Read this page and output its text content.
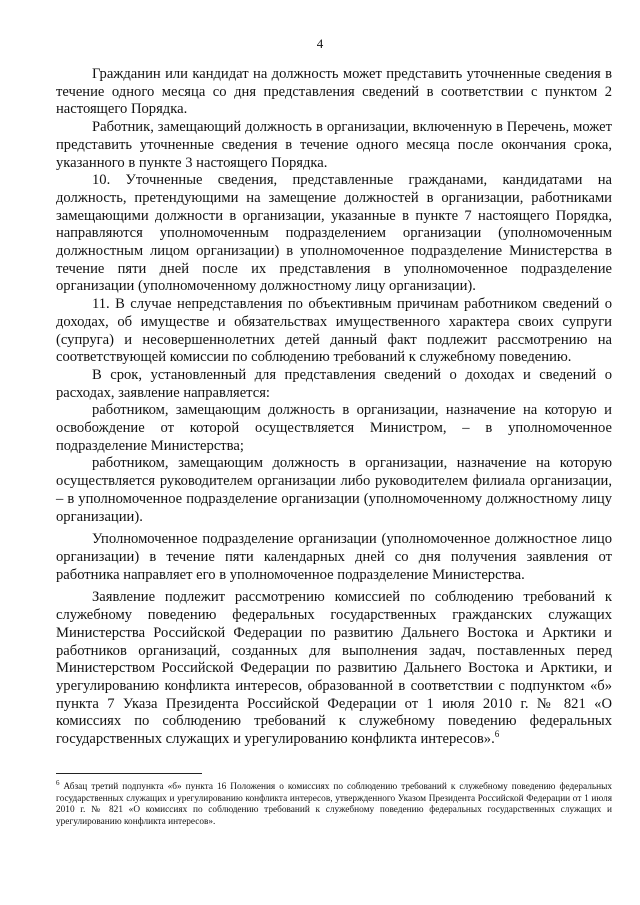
4

Гражданин или кандидат на должность может представить уточненные сведения в течение одного месяца со дня представления сведений в соответствии с пунктом 2 настоящего Порядка.

Работник, замещающий должность в организации, включенную в Перечень, может представить уточненные сведения в течение одного месяца после окончания срока, указанного в пункте 3 настоящего Порядка.

10. Уточненные сведения, представленные гражданами, кандидатами на должность, претендующими на замещение должностей в организации, работниками замещающими должности в организации, указанные в пункте 7 настоящего Порядка, направляются уполномоченным подразделением организации (уполномоченным должностным лицом организации) в уполномоченное подразделение Министерства в течение пяти дней после их представления в уполномоченное подразделение организации (уполномоченному должностному лицу организации).

11. В случае непредставления по объективным причинам работником сведений о доходах, об имуществе и обязательствах имущественного характера своих супруги (супруга) и несовершеннолетних детей данный факт подлежит рассмотрению на соответствующей комиссии по соблюдению требований к служебному поведению.

В срок, установленный для представления сведений о доходах и сведений о расходах, заявление направляется:

работником, замещающим должность в организации, назначение на которую и освобождение от которой осуществляется Министром, – в уполномоченное подразделение Министерства;

работником, замещающим должность в организации, назначение на которую осуществляется руководителем организации либо руководителем филиала организации, – в уполномоченное подразделение организации (уполномоченному должностному лицу организации).

Уполномоченное подразделение организации (уполномоченное должностное лицо организации) в течение пяти календарных дней со дня получения заявления от работника направляет его в уполномоченное подразделение Министерства.

Заявление подлежит рассмотрению комиссией по соблюдению требований к служебному поведению федеральных государственных гражданских служащих Министерства Российской Федерации по развитию Дальнего Востока и Арктики и работников организаций, созданных для выполнения задач, поставленных перед Министерством Российской Федерации по развитию Дальнего Востока и Арктики, и урегулированию конфликта интересов, образованной в соответствии с подпунктом «б» пункта 7 Указа Президента Российской Федерации от 1 июля 2010 г. № 821 «О комиссиях по соблюдению требований к служебному поведению федеральных государственных служащих и урегулированию конфликта интересов».$^6$

$^6$ Абзац третий подпункта «б» пункта 16 Положения о комиссиях по соблюдению требований к служебному поведению федеральных государственных служащих и урегулированию конфликта интересов, утвержденного Указом Президента Российской Федерации от 1 июля 2010 г. № 821 «О комиссиях по соблюдению требований к служебному поведению федеральных государственных служащих и урегулированию конфликта интересов».
